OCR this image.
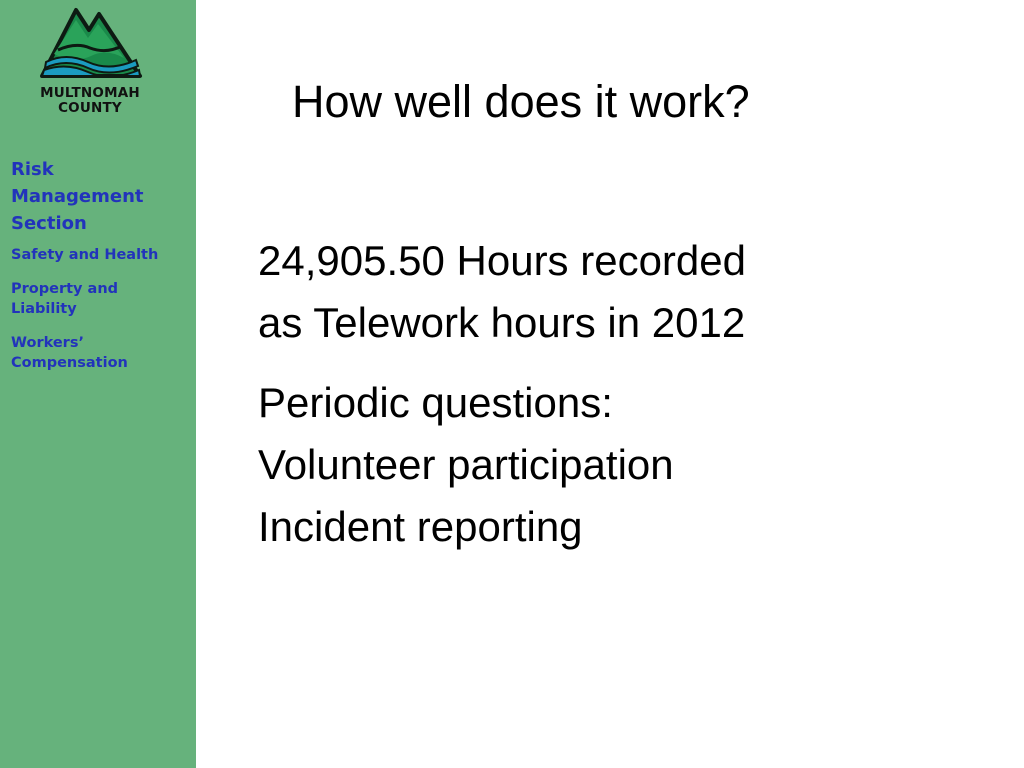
MULTNOMAH
COUNTY
Risk
Management
Section
Safety and Health
Property and
Liability
Workers’
Compensation
How well does it work?
24,905.50 Hours recorded
as Telework hours in 2012
Periodic questions:
Volunteer participation
Incident reporting
